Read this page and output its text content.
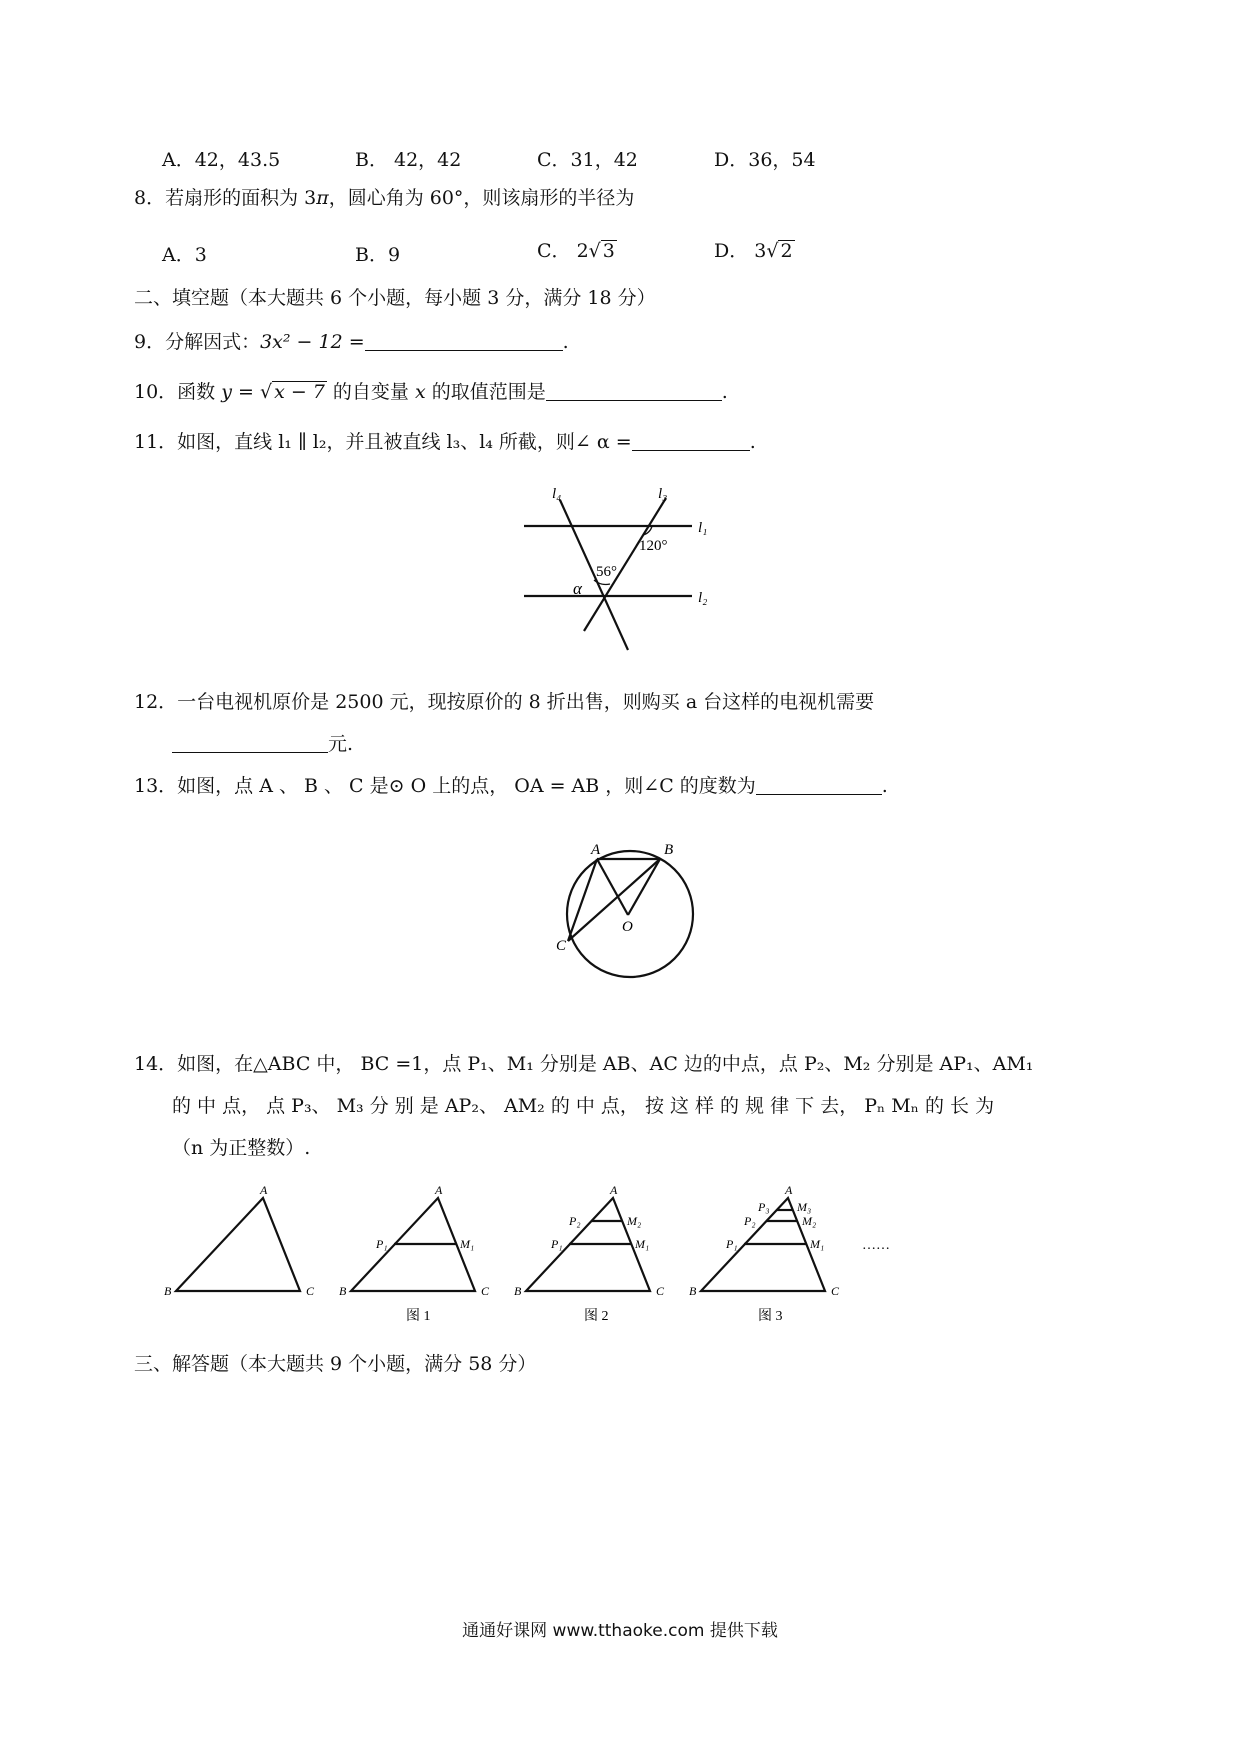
A．42，43.5	B． 42，42	C．31，42	D．36，54
8．若扇形的面积为 3π，圆心角为 60°，则该扇形的半径为
A．3	B．9	C． 2√ 3	D． 3√ 2
二、填空题（本大题共 6 个小题，每小题 3 分，满分 18 分）
9．分解因式：3x² − 12 =	.
10．函数 y = √ x − 7 的自变量 x 的取值范围是	.
11．如图，直线 l₁ ∥ l₂，并且被直线 l₃、l₄ 所截，则∠ α =	.
l₄	l₃
l₁
l₂
120°
56°
α
12．一台电视机原价是 2500 元，现按原价的 8 折出售，则购买 a 台这样的电视机需要
元.
13．如图，点 A 、 B 、 C 是⊙ O 上的点， OA = AB ，则∠C 的度数为	.
A	B
C
O
14．如图，在△ABC 中， BC =1，点 P₁、M₁ 分别是 AB、AC 边的中点，点 P₂、M₂ 分别是 AP₁、AM₁
的 中 点， 点 P₃、 M₃ 分 别 是 AP₂、 AM₂ 的 中 点， 按 这 样 的 规 律 下 去， Pₙ Mₙ 的 长 为
（n 为正整数）.
A
B	C
A
B	C
P₁	M₁
A
B	C
P₁	M₁
P₂	M₂
A
B	C
P₁	M₁
P₂	M₂
P₃ M₃
图 1	图 2	图 3
……
三、解答题（本大题共 9 个小题，满分 58 分）
通通好课网 www.tthaoke.com 提供下载
